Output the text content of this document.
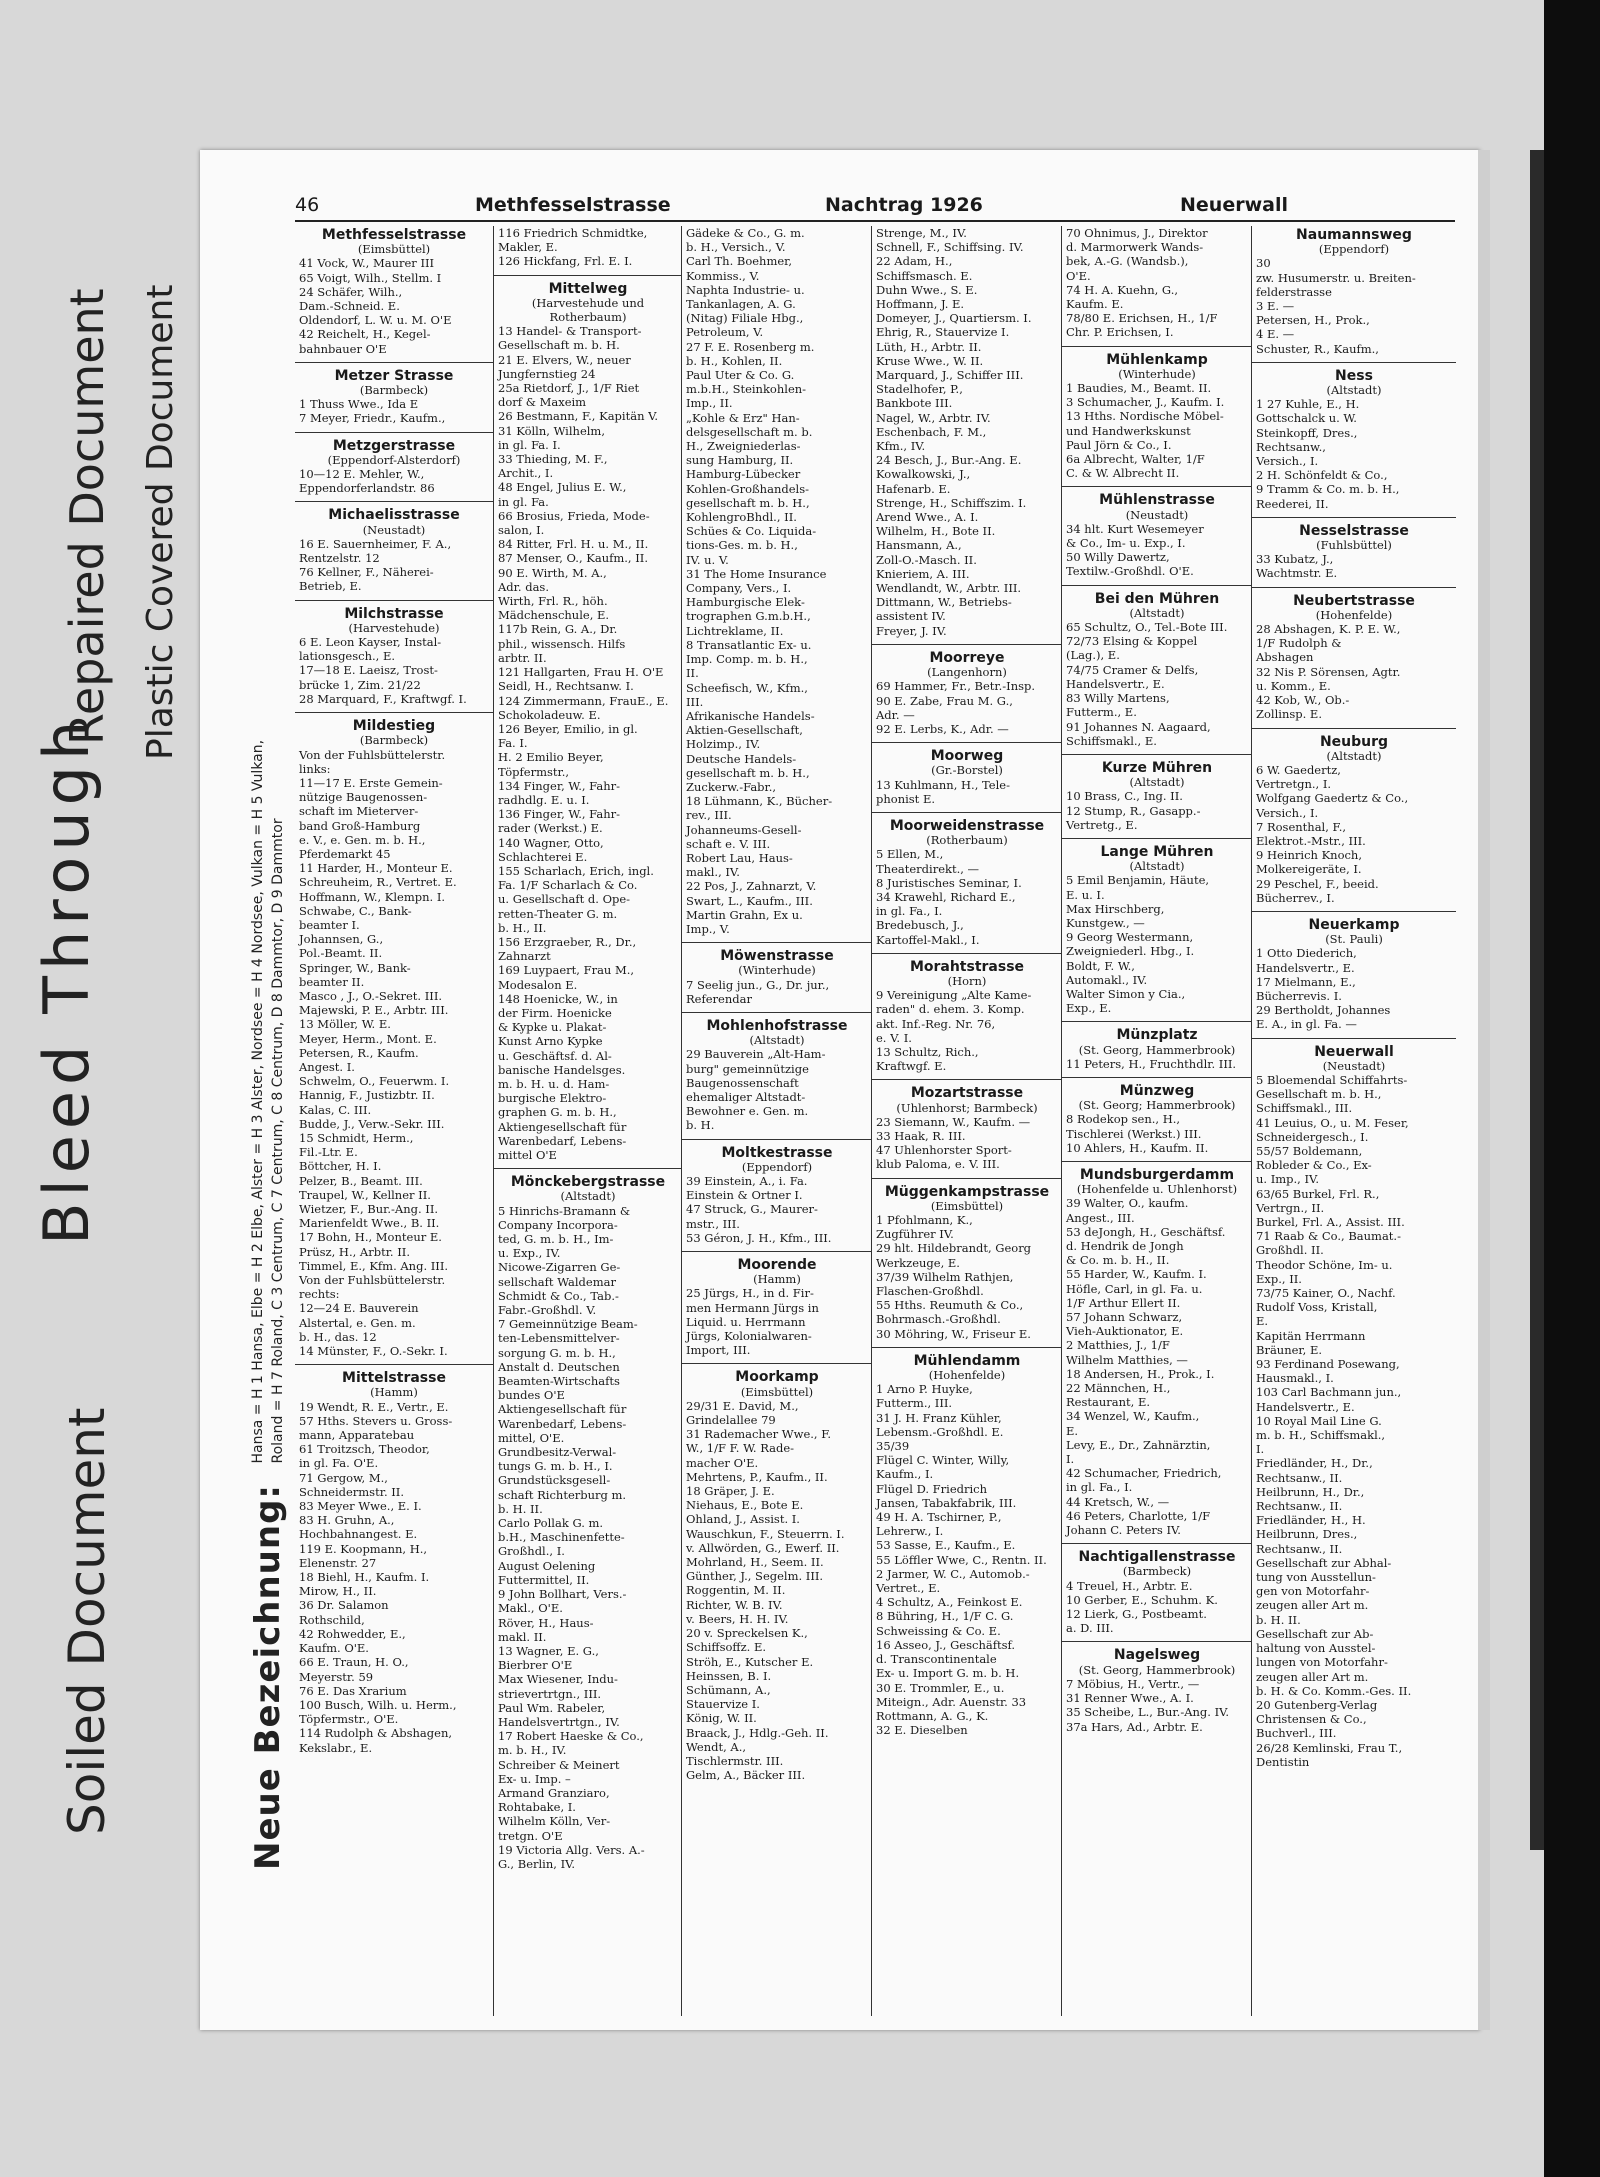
Soiled Document
Bleed Through
Repaired Document Plastic Covered Document
46	Methfesselstrasse	Nachtrag 1926	Neuerwall
Methfesselstrasse
(Eimsbüttel)
41 Vock, W., Maurer III
65 Voigt, Wilh., Stellm. I
24 Schäfer, Wilh.,
Dam.-Schneid. E.
Oldendorf, L. W. u. M. O'E
42 Reichelt, H., Kegel-
bahnbauer O'E
Metzer Strasse
(Barmbeck)
1 Thuss Wwe., Ida E
7 Meyer, Friedr., Kaufm.,
Metzgerstrasse
(Eppendorf-Alsterdorf)
10—12 E. Mehler, W.,
Eppendorferlandstr. 86
Michaelisstrasse
(Neustadt)
16 E. Sauernheimer, F. A.,
Rentzelstr. 12
76 Kellner, F., Näherei-
Betrieb, E.
Milchstrasse
(Harvestehude)
6 E. Leon Kayser, Instal-
lationsgesch., E.
17—18 E. Laeisz, Trost-
brücke 1, Zim. 21/22
28 Marquard, F., Kraftwgf. I.
Mildestieg
(Barmbeck)
Von der Fuhlsbüttelerstr.
links:
11—17 E. Erste Gemein-
nützige Baugenossen-
schaft im Mieterver-
band Groß-Hamburg
e. V., e. Gen. m. b. H.,
Pferdemarkt 45
11 Harder, H., Monteur E.
Schreuheim, R., Vertret. E.
Hoffmann, W., Klempn. I.
Schwabe, C., Bank-
beamter I.
Johannsen, G.,
Pol.-Beamt. II.
Springer, W., Bank-
beamter II.
Masco , J., O.-Sekret. III.
Majewski, P. E., Arbtr. III.
13 Möller, W. E.
Meyer, Herm., Mont. E.
Petersen, R., Kaufm.
Angest. I.
Schwelm, O., Feuerwm. I.
Hannig, F., Justizbtr. II.
Kalas, C. III.
Budde, J., Verw.-Sekr. III.
15 Schmidt, Herm.,
Fil.-Ltr. E.
Böttcher, H. I.
Pelzer, B., Beamt. III.
Traupel, W., Kellner II.
Wietzer, F., Bur.-Ang. II.
Marienfeldt Wwe., B. II.
17 Bohn, H., Monteur E.
Prüsz, H., Arbtr. II.
Timmel, E., Kfm. Ang. III.
Von der Fuhlsbüttelerstr.
rechts:
12—24 E. Bauverein
Alstertal, e. Gen. m.
b. H., das. 12
14 Münster, F., O.-Sekr. I.
Mittelstrasse
(Hamm)
19 Wendt, R. E., Vertr., E.
57 Hths. Stevers u. Gross-
mann, Apparatebau
61 Troitzsch, Theodor,
in gl. Fa. O'E.
71 Gergow, M.,
Schneidermstr. II.
83 Meyer Wwe., E. I.
83 H. Gruhn, A.,
Hochbahnangest. E.
119 E. Koopmann, H.,
Elenenstr. 27
18 Biehl, H., Kaufm. I.
Mirow, H., II.
36 Dr. Salamon
Rothschild,
42 Rohwedder, E.,
Kaufm. O'E.
66 E. Traun, H. O.,
Meyerstr. 59
76 E. Das Xrarium
100 Busch, Wilh. u. Herm.,
Töpfermstr., O'E.
114 Rudolph & Abshagen,
Kekslabr., E.
116 Friedrich Schmidtke,
Makler, E.
126 Hickfang, Frl. E. I.
Mittelweg
(Harvestehude und Rotherbaum)
13 Handel- & Transport-
Gesellschaft m. b. H.
21 E. Elvers, W., neuer
Jungfernstieg 24
25a Rietdorf, J., 1/F Riet
dorf & Maxeim
26 Bestmann, F., Kapitän V.
31 Kölln, Wilhelm,
in gl. Fa. I.
33 Thieding, M. F.,
Archit., I.
48 Engel, Julius E. W.,
in gl. Fa.
66 Brosius, Frieda, Mode-
salon, I.
84 Ritter, Frl. H. u. M., II.
87 Menser, O., Kaufm., II.
90 E. Wirth, M. A.,
Adr. das.
Wirth, Frl. R., höh.
Mädchenschule, E.
117b Rein, G. A., Dr.
phil., wissensch. Hilfs
arbtr. II.
121 Hallgarten, Frau H. O'E
Seidl, H., Rechtsanw. I.
124 Zimmermann, FrauE., E.
Schokoladeuw. E.
126 Beyer, Emilio, in gl.
Fa. I.
H. 2 Emilio Beyer,
Töpfermstr.,
134 Finger, W., Fahr-
radhdlg. E. u. I.
136 Finger, W., Fahr-
rader (Werkst.) E.
140 Wagner, Otto,
Schlachterei E.
155 Scharlach, Erich, ingl.
Fa. 1/F Scharlach & Co.
u. Gesellschaft d. Ope-
retten-Theater G. m.
b. H., II.
156 Erzgraeber, R., Dr.,
Zahnarzt
169 Luypaert, Frau M.,
Modesalon E.
148 Hoenicke, W., in
der Firm. Hoenicke
& Kypke u. Plakat-
Kunst Arno Kypke
u. Geschäftsf. d. Al-
banische Handelsges.
m. b. H. u. d. Ham-
burgische Elektro-
graphen G. m. b. H.,
Aktiengesellschaft für
Warenbedarf, Lebens-
mittel O'E
Mönckebergstrasse
(Altstadt)
5 Hinrichs-Bramann &
Company Incorpora-
ted, G. m. b. H., Im-
u. Exp., IV.
Nicowe-Zigarren Ge-
sellschaft Waldemar
Schmidt & Co., Tab.-
Fabr.-Großhdl. V.
7 Gemeinnützige Beam-
ten-Lebensmittelver-
sorgung G. m. b. H.,
Anstalt d. Deutschen
Beamten-Wirtschafts
bundes O'E
Aktiengesellschaft für
Warenbedarf, Lebens-
mittel, O'E.
Grundbesitz-Verwal-
tungs G. m. b. H., I.
Grundstücksgesell-
schaft Richterburg m.
b. H. II.
Carlo Pollak G. m.
b.H., Maschinenfette-
Großhdl., I.
August Oelening
Futtermittel, II.
9 John Bollhart, Vers.-
Makl., O'E.
Röver, H., Haus-
makl. II.
13 Wagner, E. G.,
Bierbrer O'E
Max Wiesener, Indu-
strievertrtgn., III.
Paul Wm. Rabeler,
Handelsvertrtgn., IV.
17 Robert Haeske & Co.,
m. b. H., IV.
Schreiber & Meinert
Ex- u. Imp. –
Armand Granziaro,
Rohtabake, I.
Wilhelm Kölln, Ver-
tretgn. O'E
19 Victoria Allg. Vers. A.-
G., Berlin, IV.
Gädeke & Co., G. m.
b. H., Versich., V.
Carl Th. Boehmer,
Kommiss., V.
Naphta Industrie- u.
Tankanlagen, A. G.
(Nitag) Filiale Hbg.,
Petroleum, V.
27 F. E. Rosenberg m.
b. H., Kohlen, II.
Paul Uter & Co. G.
m.b.H., Steinkohlen-
Imp., II.
„Kohle & Erz" Han-
delsgesellschaft m. b.
H., Zweigniederlas-
sung Hamburg, II.
Hamburg-Lübecker
Kohlen-Großhandels-
gesellschaft m. b. H.,
KohlengroBhdl., II.
Schües & Co. Liquida-
tions-Ges. m. b. H.,
IV. u. V.
31 The Home Insurance
Company, Vers., I.
Hamburgische Elek-
trographen G.m.b.H.,
Lichtreklame, II.
8 Transatlantic Ex- u.
Imp. Comp. m. b. H.,
II.
Scheefisch, W., Kfm.,
III.
Afrikanische Handels-
Aktien-Gesellschaft,
Holzimp., IV.
Deutsche Handels-
gesellschaft m. b. H.,
Zuckerw.-Fabr.,
18 Lühmann, K., Bücher-
rev., III.
Johanneums-Gesell-
schaft e. V. III.
Robert Lau, Haus-
makl., IV.
22 Pos, J., Zahnarzt, V.
Swart, L., Kaufm., III.
Martin Grahn, Ex u.
Imp., V.
Möwenstrasse
(Winterhude)
7 Seelig jun., G., Dr. jur.,
Referendar
Mohlenhofstrasse
(Altstadt)
29 Bauverein „Alt-Ham-
burg" gemeinnützige
Baugenossenschaft
ehemaliger Altstadt-
Bewohner e. Gen. m.
b. H.
Moltkestrasse
(Eppendorf)
39 Einstein, A., i. Fa.
Einstein & Ortner I.
47 Struck, G., Maurer-
mstr., III.
53 Géron, J. H., Kfm., III.
Moorende
(Hamm)
25 Jürgs, H., in d. Fir-
men Hermann Jürgs in
Liquid. u. Herrmann
Jürgs, Kolonialwaren-
Import, III.
Moorkamp
(Eimsbüttel)
29/31 E. David, M.,
Grindelallee 79
31 Rademacher Wwe., F.
W., 1/F F. W. Rade-
macher O'E.
Mehrtens, P., Kaufm., II.
18 Gräper, J. E.
Niehaus, E., Bote E.
Ohland, J., Assist. I.
Wauschkun, F., Steuerrn. I.
v. Allwörden, G., Ewerf. II.
Mohrland, H., Seem. II.
Günther, J., Segelm. III.
Roggentin, M. II.
Richter, W. B. IV.
v. Beers, H. H. IV.
20 v. Spreckelsen K.,
Schiffsoffz. E.
Ströh, E., Kutscher E.
Heinssen, B. I.
Schümann, A.,
Stauervize I.
König, W. II.
Braack, J., Hdlg.-Geh. II.
Wendt, A.,
Tischlermstr. III.
Gelm, A., Bäcker III.
Strenge, M., IV.
Schnell, F., Schiffsing. IV.
22 Adam, H.,
Schiffsmasch. E.
Duhn Wwe., S. E.
Hoffmann, J. E.
Domeyer, J., Quartiersm. I.
Ehrig, R., Stauervize I.
Lüth, H., Arbtr. II.
Kruse Wwe., W. II.
Marquard, J., Schiffer III.
Stadelhofer, P.,
Bankbote III.
Nagel, W., Arbtr. IV.
Eschenbach, F. M.,
Kfm., IV.
24 Besch, J., Bur.-Ang. E.
Kowalkowski, J.,
Hafenarb. E.
Strenge, H., Schiffszim. I.
Arend Wwe., A. I.
Wilhelm, H., Bote II.
Hansmann, A.,
Zoll-O.-Masch. II.
Knieriem, A. III.
Wendlandt, W., Arbtr. III.
Dittmann, W., Betriebs-
assistent IV.
Freyer, J. IV.
Moorreye
(Langenhorn)
69 Hammer, Fr., Betr.-Insp.
90 E. Zabe, Frau M. G.,
Adr. —
92 E. Lerbs, K., Adr. —
Moorweg
(Gr.-Borstel)
13 Kuhlmann, H., Tele-
phonist E.
Moorweidenstrasse
(Rotherbaum)
5 Ellen, M.,
Theaterdirekt., —
8 Juristisches Seminar, I.
34 Krawehl, Richard E.,
in gl. Fa., I.
Bredebusch, J.,
Kartoffel-Makl., I.
Morahtstrasse
(Horn)
9 Vereinigung „Alte Kame-
raden" d. ehem. 3. Komp.
akt. Inf.-Reg. Nr. 76,
e. V. I.
13 Schultz, Rich.,
Kraftwgf. E.
Mozartstrasse
(Uhlenhorst; Barmbeck)
23 Siemann, W., Kaufm. —
33 Haak, R. III.
47 Uhlenhorster Sport-
klub Paloma, e. V. III.
Müggenkampstrasse
(Eimsbüttel)
1 Pfohlmann, K.,
Zugführer IV.
29 hlt. Hildebrandt, Georg
Werkzeuge, E.
37/39 Wilhelm Rathjen,
Flaschen-Großhdl.
55 Hths. Reumuth & Co.,
Bohrmasch.-Großhdl.
30 Möhring, W., Friseur E.
Mühlendamm
(Hohenfelde)
1 Arno P. Huyke,
Futterm., III.
31 J. H. Franz Kühler,
Lebensm.-Großhdl. E.
35/39
Flügel C. Winter, Willy,
Kaufm., I.
Flügel D. Friedrich
Jansen, Tabakfabrik, III.
49 H. A. Tschirner, P.,
Lehrerw., I.
53 Sasse, E., Kaufm., E.
55 Löffler Wwe, C., Rentn. II.
2 Jarmer, W. C., Automob.-
Vertret., E.
4 Schultz, A., Feinkost E.
8 Bühring, H., 1/F C. G.
Schweissing & Co. E.
16 Asseo, J., Geschäftsf.
d. Transcontinentale
Ex- u. Import G. m. b. H.
30 E. Trommler, E., u.
Miteign., Adr. Auenstr. 33
Rottmann, A. G., K.
32 E. Dieselben
70 Ohnimus, J., Direktor
d. Marmorwerk Wands-
bek, A.-G. (Wandsb.),
O'E.
74 H. A. Kuehn, G.,
Kaufm. E.
78/80 E. Erichsen, H., 1/F
Chr. P. Erichsen, I.
Mühlenkamp
(Winterhude)
1 Baudies, M., Beamt. II.
3 Schumacher, J., Kaufm. I.
13 Hths. Nordische Möbel-
und Handwerkskunst
Paul Jörn & Co., I.
6a Albrecht, Walter, 1/F
C. & W. Albrecht II.
Mühlenstrasse
(Neustadt)
34 hlt. Kurt Wesemeyer
& Co., Im- u. Exp., I.
50 Willy Dawertz,
Textilw.-Großhdl. O'E.
Bei den Mühren
(Altstadt)
65 Schultz, O., Tel.-Bote III.
72/73 Elsing & Koppel
(Lag.), E.
74/75 Cramer & Delfs,
Handelsvertr., E.
83 Willy Martens,
Futterm., E.
91 Johannes N. Aagaard,
Schiffsmakl., E.
Kurze Mühren
(Altstadt)
10 Brass, C., Ing. II.
12 Stump, R., Gasapp.-
Vertretg., E.
Lange Mühren
(Altstadt)
5 Emil Benjamin, Häute,
E. u. I.
Max Hirschberg,
Kunstgew., —
9 Georg Westermann,
Zweigniederl. Hbg., I.
Boldt, F. W.,
Automakl., IV.
Walter Simon y Cia.,
Exp., E.
Münzplatz
(St. Georg, Hammerbrook)
11 Peters, H., Fruchthdlr. III.
Münzweg
(St. Georg; Hammerbrook)
8 Rodekop sen., H.,
Tischlerei (Werkst.) III.
10 Ahlers, H., Kaufm. II.
Mundsburgerdamm
(Hohenfelde u. Uhlenhorst)
39 Walter, O., kaufm.
Angest., III.
53 deJongh, H., Geschäftsf.
d. Hendrik de Jongh
& Co. m. b. H., II.
55 Harder, W., Kaufm. I.
Höfle, Carl, in gl. Fa. u.
1/F Arthur Ellert II.
57 Johann Schwarz,
Vieh-Auktionator, E.
2 Matthies, J., 1/F
Wilhelm Matthies, —
18 Andersen, H., Prok., I.
22 Männchen, H.,
Restaurant, E.
34 Wenzel, W., Kaufm.,
E.
Levy, E., Dr., Zahnärztin,
I.
42 Schumacher, Friedrich,
in gl. Fa., I.
44 Kretsch, W., —
46 Peters, Charlotte, 1/F
Johann C. Peters IV.
Nachtigallenstrasse
(Barmbeck)
4 Treuel, H., Arbtr. E.
10 Gerber, E., Schuhm. K.
12 Lierk, G., Postbeamt.
a. D. III.
Nagelsweg
(St. Georg, Hammerbrook)
7 Möbius, H., Vertr., —
31 Renner Wwe., A. I.
35 Scheibe, L., Bur.-Ang. IV.
37a Hars, Ad., Arbtr. E.
Naumannsweg
(Eppendorf)
30
zw. Husumerstr. u. Breiten-
felderstrasse
3 E. —
Petersen, H., Prok.,
4 E. —
Schuster, R., Kaufm.,
Ness
(Altstadt)
1 27 Kuhle, E., H.
Gottschalck u. W.
Steinkopff, Dres.,
Rechtsanw.,
Versich., I.
2 H. Schönfeldt & Co.,
9 Tramm & Co. m. b. H.,
Reederei, II.
Nesselstrasse
(Fuhlsbüttel)
33 Kubatz, J.,
Wachtmstr. E.
Neubertstrasse
(Hohenfelde)
28 Abshagen, K. P. E. W.,
1/F Rudolph &
Abshagen
32 Nis P. Sörensen, Agtr.
u. Komm., E.
42 Kob, W., Ob.-
Zollinsp. E.
Neuburg
(Altstadt)
6 W. Gaedertz,
Vertretgn., I.
Wolfgang Gaedertz & Co.,
Versich., I.
7 Rosenthal, F.,
Elektrot.-Mstr., III.
9 Heinrich Knoch,
Molkereigeräte, I.
29 Peschel, F., beeid.
Bücherrev., I.
Neuerkamp
(St. Pauli)
1 Otto Diederich,
Handelsvertr., E.
17 Mielmann, E.,
Bücherrevis. I.
29 Bertholdt, Johannes
E. A., in gl. Fa. —
Neuerwall
(Neustadt)
5 Bloemendal Schiffahrts-
Gesellschaft m. b. H.,
Schiffsmakl., III.
41 Leuius, O., u. M. Feser,
Schneidergesch., I.
55/57 Boldemann,
Robleder & Co., Ex-
u. Imp., IV.
63/65 Burkel, Frl. R.,
Vertrgn., II.
Burkel, Frl. A., Assist. III.
71 Raab & Co., Baumat.-
Großhdl. II.
Theodor Schöne, Im- u.
Exp., II.
73/75 Kainer, O., Nachf.
Rudolf Voss, Kristall,
E.
Kapitän Herrmann
Bräuner, E.
93 Ferdinand Posewang,
Hausmakl., I.
103 Carl Bachmann jun.,
Handelsvertr., E.
10 Royal Mail Line G.
m. b. H., Schiffsmakl.,
I.
Friedländer, H., Dr.,
Rechtsanw., II.
Heilbrunn, H., Dr.,
Rechtsanw., II.
Friedländer, H., H.
Heilbrunn, Dres.,
Rechtsanw., II.
Gesellschaft zur Abhal-
tung von Ausstellun-
gen von Motorfahr-
zeugen aller Art m.
b. H. II.
Gesellschaft zur Ab-
haltung von Ausstel-
lungen von Motorfahr-
zeugen aller Art m.
b. H. & Co. Komm.-Ges. II.
20 Gutenberg-Verlag
Christensen & Co.,
Buchverl., III.
26/28 Kemlinski, Frau T.,
Dentistin
Neue Bezeichnung:
Hansa = H 1 Hansa, Elbe = H 2 Elbe, Alster = H 3 Alster, Nordsee = H 4 Nordsee, Vulkan = H 5 Vulkan, Roland = H 7 Roland, C 3 Centrum, C 7 Centrum, C 8 Centrum, D 8 Dammtor, D 9 Dammtor
